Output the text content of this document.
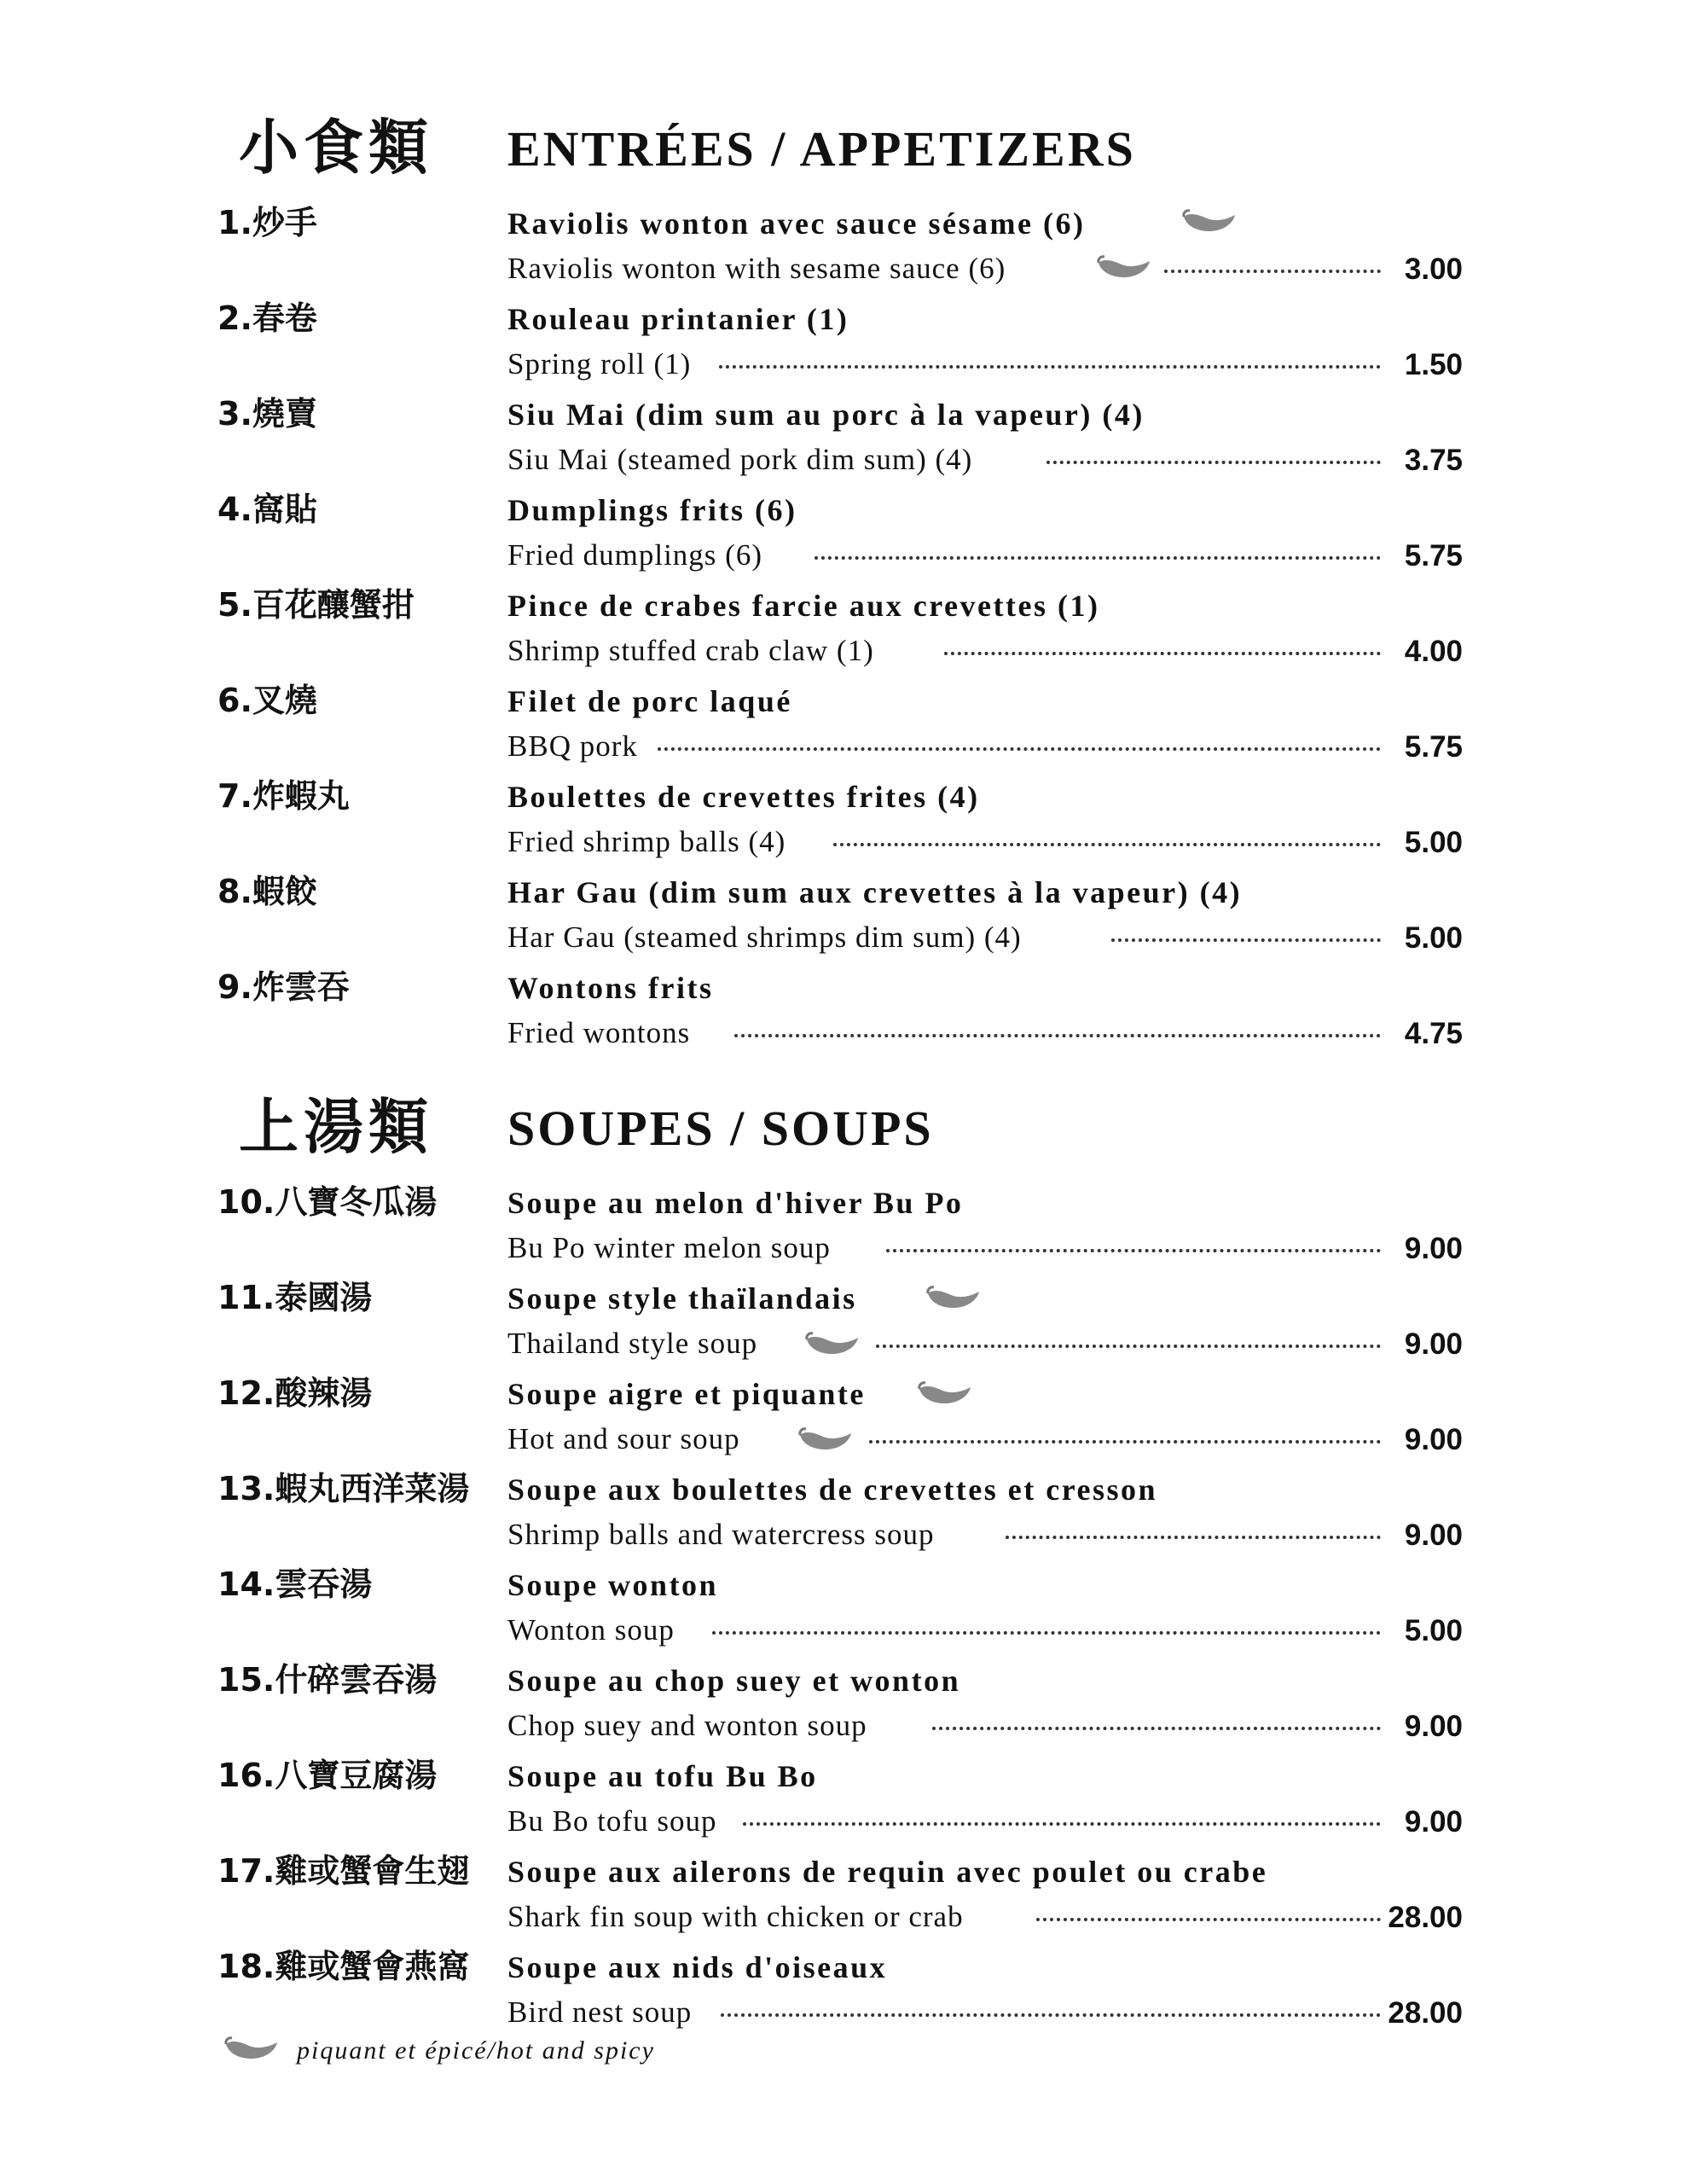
小食類 ENTRÉES / APPETIZERS
1.炒手	Raviolis wonton avec sauce sésame (6)
Raviolis wonton with sesame sauce (6)	3.00
2.春卷	Rouleau printanier (1)
Spring roll (1)	1.50
3.燒賣	Siu Mai (dim sum au porc à la vapeur) (4)
Siu Mai (steamed pork dim sum) (4)	3.75
4.窩貼	Dumplings frits (6)
Fried dumplings (6)	5.75
5.百花釀蟹拑	Pince de crabes farcie aux crevettes (1)
Shrimp stuffed crab claw (1)	4.00
6.叉燒	Filet de porc laqué
BBQ pork	5.75
7.炸蝦丸	Boulettes de crevettes frites (4)
Fried shrimp balls (4)	5.00
8.蝦餃	Har Gau (dim sum aux crevettes à la vapeur) (4)
Har Gau (steamed shrimps dim sum) (4)	5.00
9.炸雲吞	Wontons frits
Fried wontons	4.75
上湯類 SOUPES / SOUPS
10.八寶冬瓜湯 Soupe au melon d'hiver Bu Po
Bu Po winter melon soup	9.00
11.泰國湯	Soupe style thaïlandais
Thailand style soup	9.00
12.酸辣湯	Soupe aigre et piquante
Hot and sour soup	9.00
13.蝦丸西洋菜湯 Soupe aux boulettes de crevettes et cresson
Shrimp balls and watercress soup	9.00
14.雲吞湯	Soupe wonton
Wonton soup	5.00
15.什碎雲吞湯 Soupe au chop suey et wonton
Chop suey and wonton soup	9.00
16.八寶豆腐湯 Soupe au tofu Bu Bo
Bu Bo tofu soup	9.00
17.雞或蟹會生翅 Soupe aux ailerons de requin avec poulet ou crabe
Shark fin soup with chicken or crab	28.00
18.雞或蟹會燕窩 Soupe aux nids d'oiseaux
Bird nest soup	28.00
piquant et épicé/hot and spicy
